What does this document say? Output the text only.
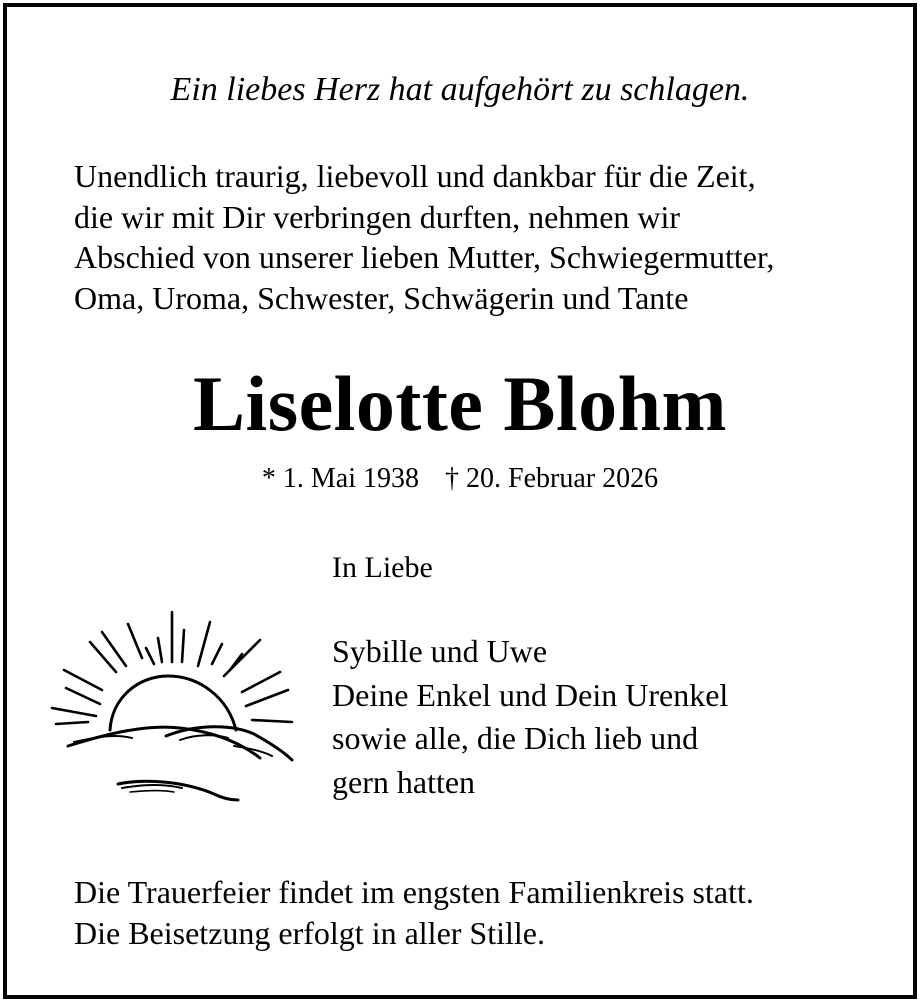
Ein liebes Herz hat aufgehört zu schlagen.
Unendlich traurig, liebevoll und dankbar für die Zeit,
die wir mit Dir verbringen durften, nehmen wir
Abschied von unserer lieben Mutter, Schwiegermutter,
Oma, Uroma, Schwester, Schwägerin und Tante
Liselotte Blohm
* 1. Mai 1938 † 20. Februar 2026
In Liebe
Sybille und Uwe
Deine Enkel und Dein Urenkel
sowie alle, die Dich lieb und
gern hatten
Die Trauerfeier findet im engsten Familienkreis statt.
Die Beisetzung erfolgt in aller Stille.
